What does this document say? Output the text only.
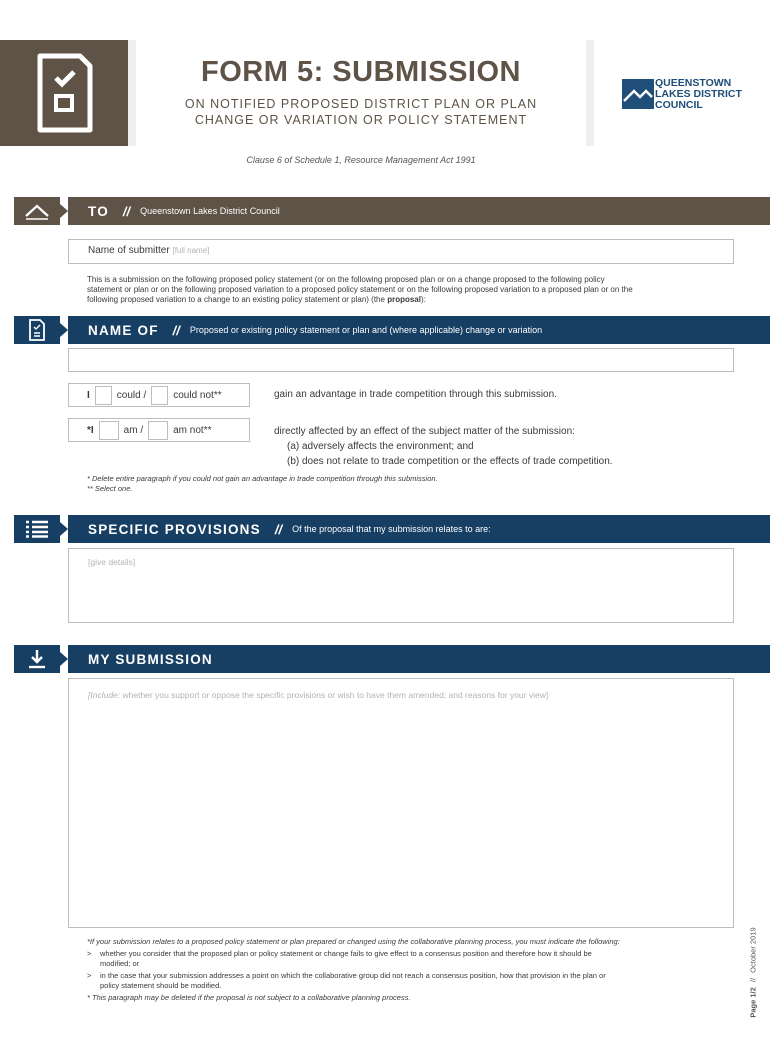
FORM 5: SUBMISSION
ON NOTIFIED PROPOSED DISTRICT PLAN OR PLAN
CHANGE OR VARIATION OR POLICY STATEMENT
QUEENSTOWN
LAKES DISTRICT
COUNCIL
Clause 6 of Schedule 1, Resource Management Act 1991
TO // Queenstown Lakes District Council
Name of submitter [full name]
This is a submission on the following proposed policy statement (or on the following proposed plan or on a change proposed to the following policy
statement or plan or on the following proposed variation to a proposed policy statement or on the following proposed variation to a proposed plan or on the
following proposed variation to a change to an existing policy statement or plan) (the proposal):
NAME OF // Proposed or existing policy statement or plan and (where applicable) change or variation
I	could /	could not**	gain an advantage in trade competition through this submission.
*I	am /	am not**	directly affected by an effect of the subject matter of the submission:
(a) adversely affects the environment; and
(b) does not relate to trade competition or the effects of trade competition.
* Delete entire paragraph if you could not gain an advantage in trade competition through this submission.
** Select one.
SPECIFIC PROVISIONS // Of the proposal that my submission relates to are:
[give details]
MY SUBMISSION
[Include: whether you support or oppose the specific provisions or wish to have them amended; and reasons for your view]
*If your submission relates to a proposed policy statement or plan prepared or changed using the collaborative planning process, you must indicate the following:
>	whether you consider that the proposed plan or policy statement or change fails to give effect to a consensus position and therefore how it should be
modified; or
>	in the case that your submission addresses a point on which the collaborative group did not reach a consensus position, how that provision in the plan or
policy statement should be modified.
* This paragraph may be deleted if the proposal is not subject to a collaborative planning process.	Page 1/2 // October 2019
